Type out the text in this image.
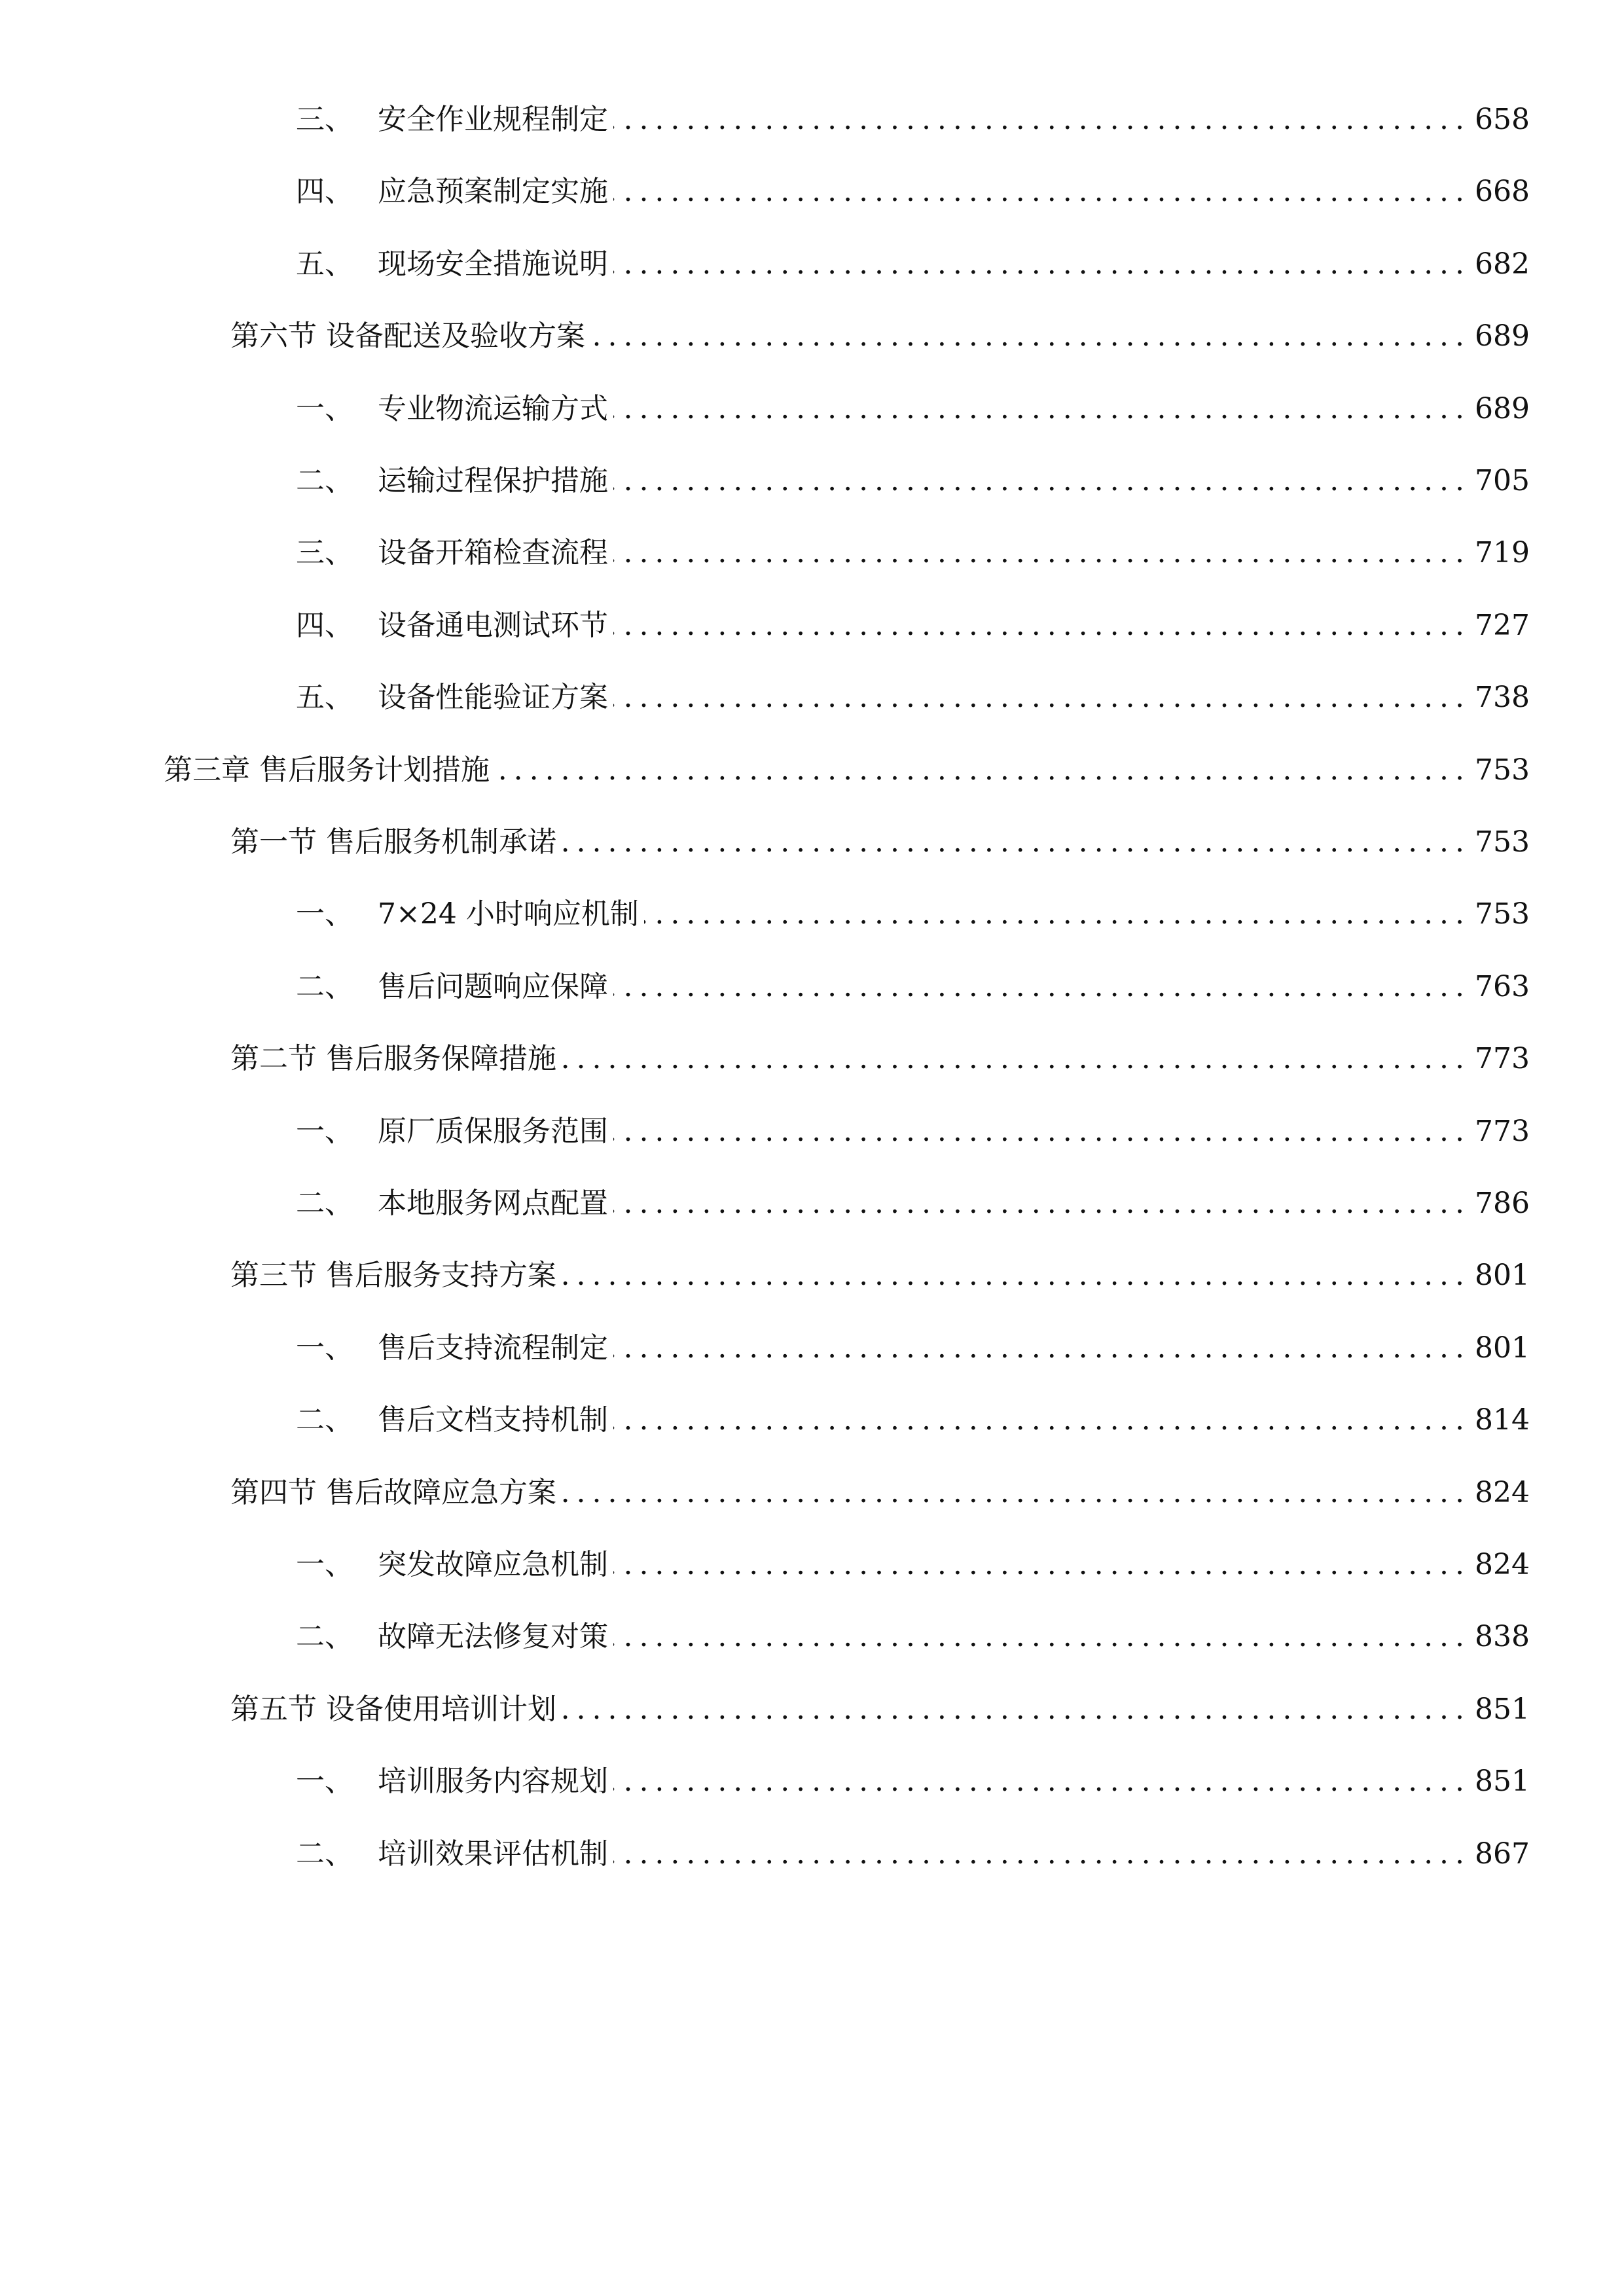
三、 安全作业规程制定 . . .	658
四、 应急预案制定实施 . . .	668
五、 现场安全措施说明 . . .	682
第六节 设备配送及验收方案 . . .	689
一、 专业物流运输方式 . . .	689
二、 运输过程保护措施 . . .	705
三、 设备开箱检查流程 . . .	719
四、 设备通电测试环节 . . .	727
五、 设备性能验证方案 . . .	738
第三章 售后服务计划措施 . . .	753
第一节 售后服务机制承诺 . . .	753
一、 7×24 小时响应机制 . . .	753
二、 售后问题响应保障 . . .	763
第二节 售后服务保障措施 . . .	773
一、 原厂质保服务范围 . . .	773
二、 本地服务网点配置 . . .	786
第三节 售后服务支持方案 . . .	801
一、 售后支持流程制定 . . .	801
二、 售后文档支持机制 . . .	814
第四节 售后故障应急方案 . . .	824
一、 突发故障应急机制 . . .	824
二、 故障无法修复对策 . . .	838
第五节 设备使用培训计划 . . .	851
一、 培训服务内容规划 . . .	851
二、 培训效果评估机制 . . .	867
